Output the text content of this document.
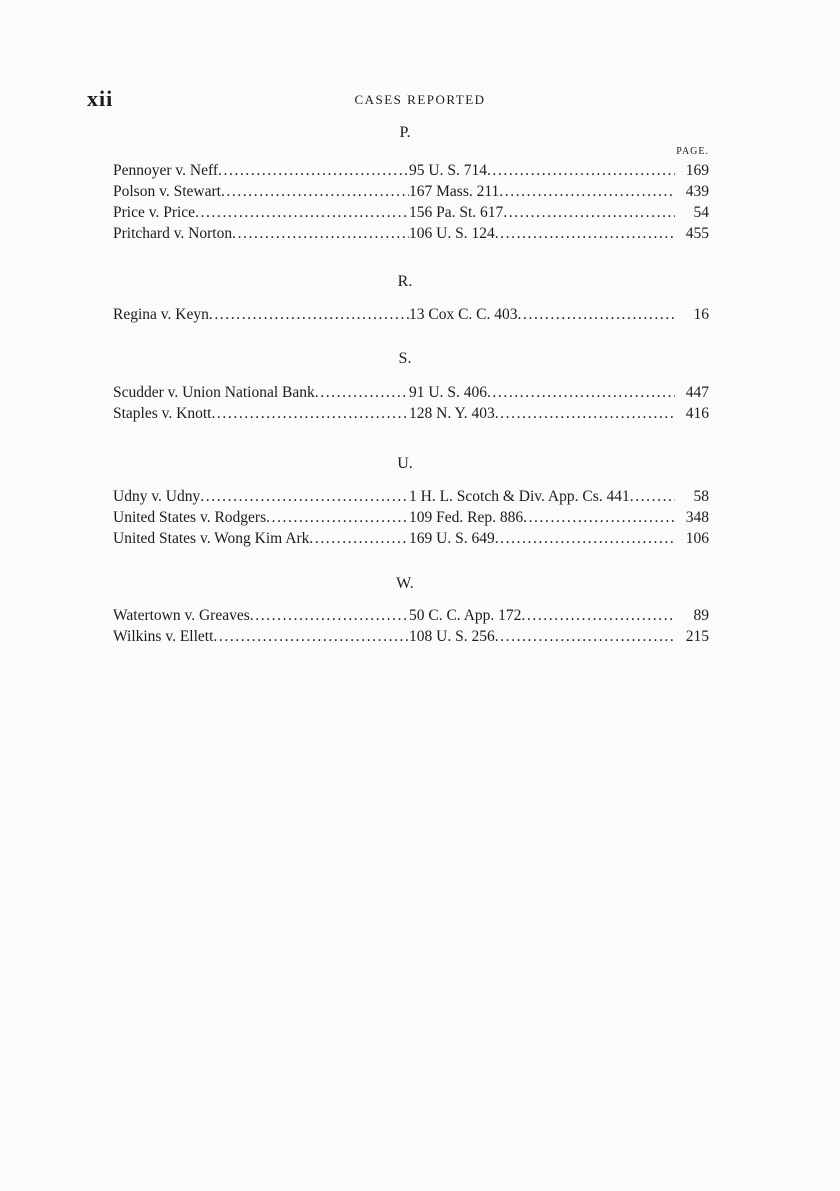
xii	CASES REPORTED
PAGE.
P.
Pennoyer v. Neff .....	95 U. S. 714 .....	169
Polson v. Stewart .....	167 Mass. 211 .....	439
Price v. Price .....	156 Pa. St. 617 .....	54
Pritchard v. Norton .....	106 U. S. 124 .....	455
R.
Regina v. Keyn .....	13 Cox C. C. 403 .....	16
S.
Scudder v. Union National Bank .....	91 U. S. 406 .....	447
Staples v. Knott .....	128 N. Y. 403 .....	416
U.
Udny v. Udny .....	1 H. L. Scotch & Div. App. Cs. 441 .....	58
United States v. Rodgers .....	109 Fed. Rep. 886 .....	348
United States v. Wong Kim Ark .....	169 U. S. 649 .....	106
W.
Watertown v. Greaves .....	50 C. C. App. 172 .....	89
Wilkins v. Ellett .....	108 U. S. 256 .....	215
